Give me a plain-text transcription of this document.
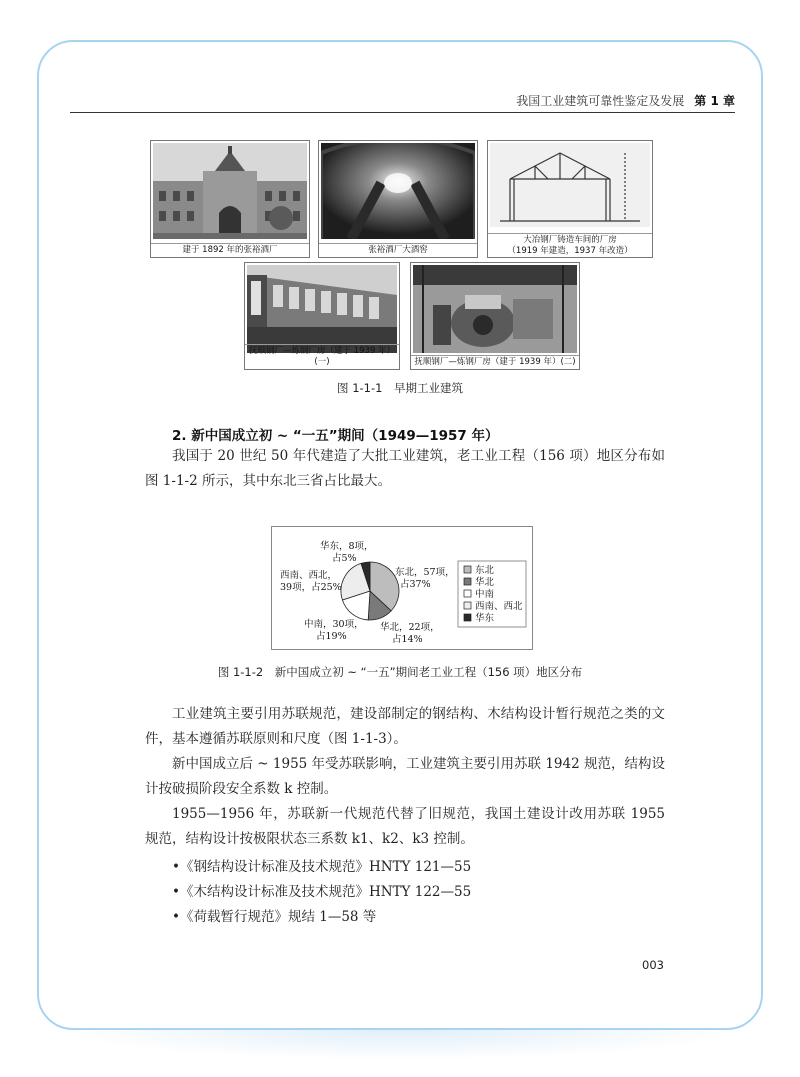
我国工业建筑可靠性鉴定及发展 第 1 章
建于 1892 年的张裕酒厂	张裕酒厂大酒窖
大冶钢厂铸造车间的厂房
（1919 年建造，1937 年改造）
抚顺钢厂—炼钢厂房（建于 1939 年）(一)	抚顺钢厂—炼钢厂房（建于 1939 年）(二)
图 1-1-1　早期工业建筑
2. 新中国成立初 ~ “一五”期间（1949—1957 年）
我国于 20 世纪 50 年代建造了大批工业建筑，老工业工程（156 项）地区分布如图 1-1-2 所示，其中东北三省占比最大。
东北，57项，占37%
华北，22项，占14%
中南，30项，占19%
西南、西北， 39项，占25%
华东，8项，占5%
东北
华北
中南
西南、西北
华东
图 1-1-2　新中国成立初 ~ “一五”期间老工业工程（156 项）地区分布
工业建筑主要引用苏联规范，建设部制定的钢结构、木结构设计暂行规范之类的文件，基本遵循苏联原则和尺度（图 1-1-3）。
新中国成立后 ~ 1955 年受苏联影响，工业建筑主要引用苏联 1942 规范，结构设计按破损阶段安全系数 k 控制。
1955—1956 年，苏联新一代规范代替了旧规范，我国土建设计改用苏联 1955 规范，结构设计按极限状态三系数 k1、k2、k3 控制。
•《钢结构设计标准及技术规范》HNTY 121—55
•《木结构设计标准及技术规范》HNTY 122—55
•《荷载暂行规范》规结 1—58 等
003
